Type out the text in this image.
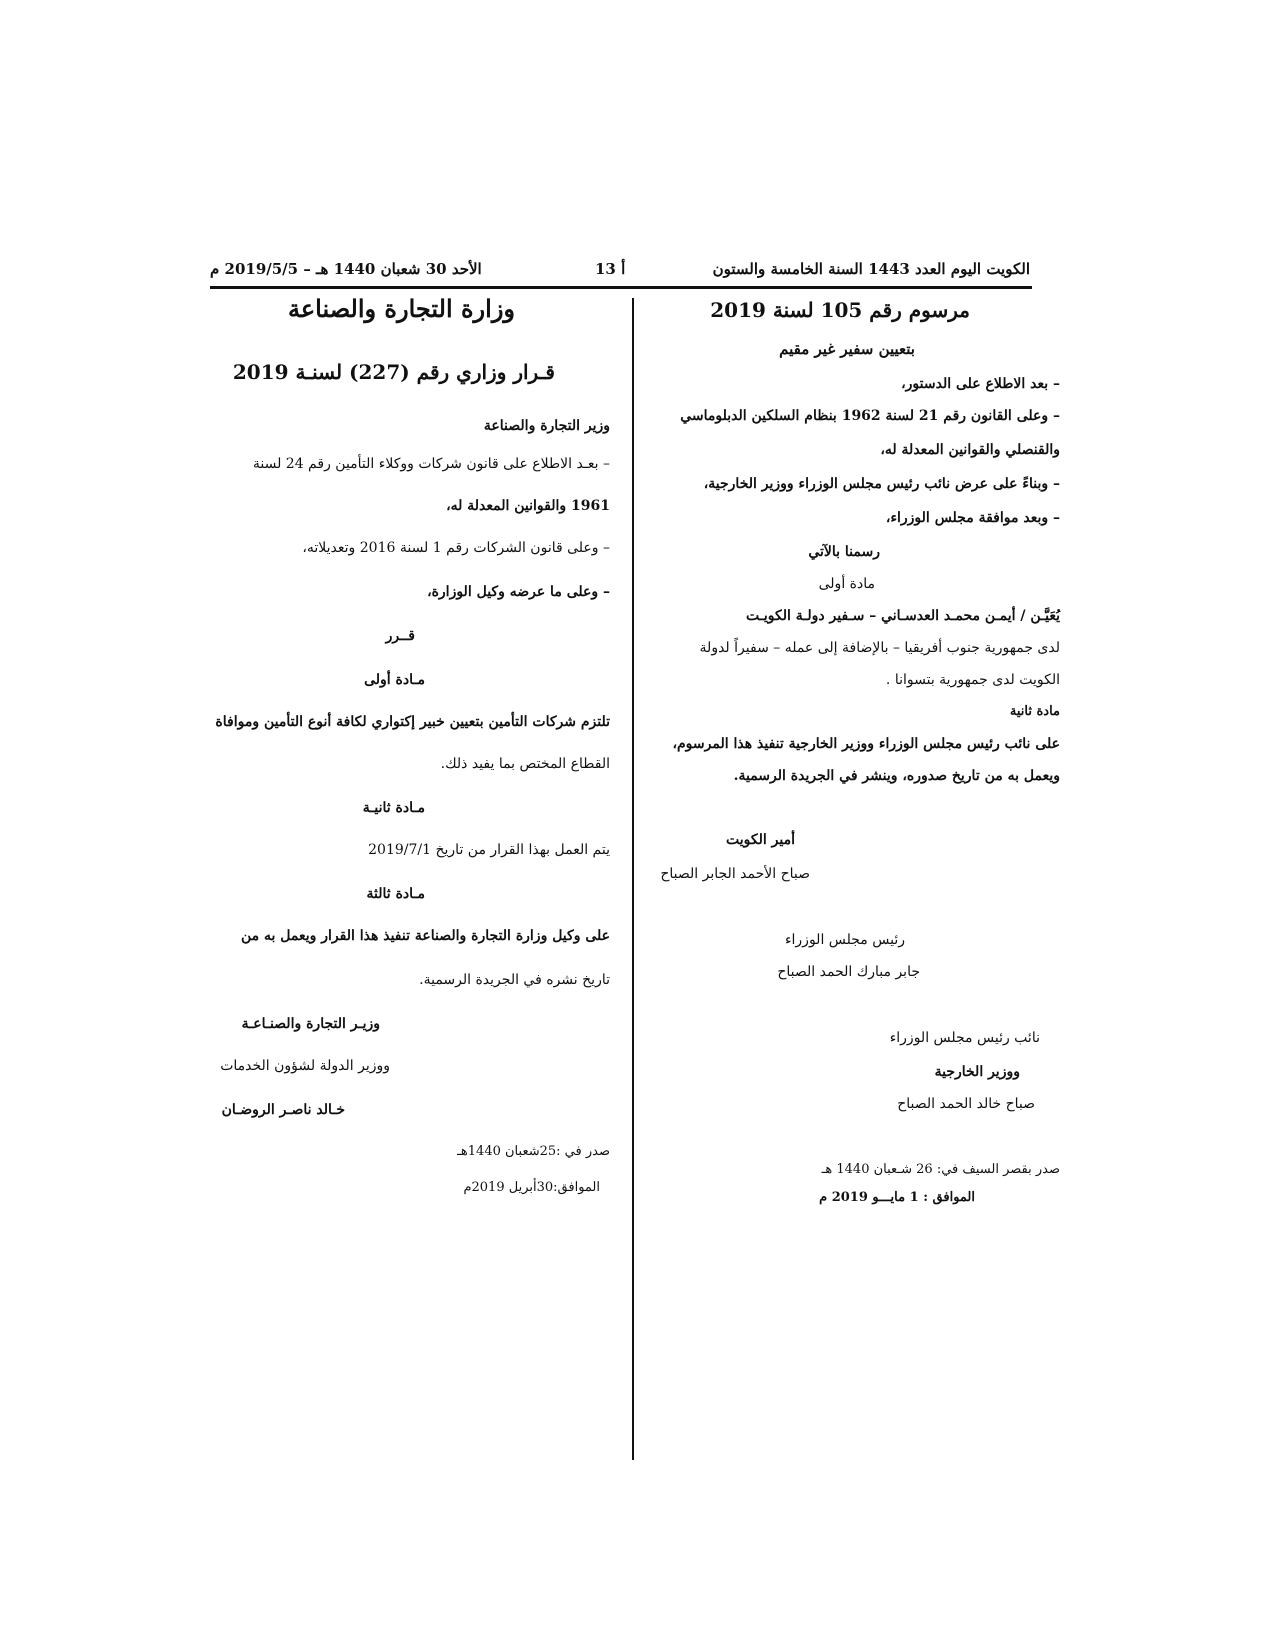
الكويت اليوم العدد 1443 السنة الخامسة والستون
أ 13
الأحد 30 شعبان 1440 هـ – 2019/5/5 م
مرسوم رقم 105 لسنة 2019
بتعيين سفير غير مقيم
– بعد الاطلاع على الدستور،
– وعلى القانون رقم 21 لسنة 1962 بنظام السلكين الدبلوماسي
والقنصلي والقوانين المعدلة له،
– وبناءً على عرض نائب رئيس مجلس الوزراء ووزير الخارجية،
– وبعد موافقة مجلس الوزراء،
رسمنا بالآتي
مادة أولى
يُعَيَّـن / أيمـن محمـد العدسـاني – سـفير دولـة الكويـت
لدى جمهورية جنوب أفريقيا – بالإضافة إلى عمله – سفيراً لدولة
الكويت لدى جمهورية بتسوانا .
مادة ثانية
على نائب رئيس مجلس الوزراء ووزير الخارجية تنفيذ هذا المرسوم،
ويعمل به من تاريخ صدوره، وينشر في الجريدة الرسمية.
أمير الكويت
صباح الأحمد الجابر الصباح
رئيس مجلس الوزراء
جابر مبارك الحمد الصباح
نائب رئيس مجلس الوزراء
ووزير الخارجية
صباح خالد الحمد الصباح
صدر بقصر السيف في: 26 شـعبان 1440 هـ
الموافق : 1 مايـــو 2019 م
وزارة التجارة والصناعة
قـرار وزاري رقم (227) لسنـة 2019
وزير التجارة والصناعة
– بعـد الاطلاع على قانون شركات ووكلاء التأمين رقم 24 لسنة
1961 والقوانين المعدلة له،
– وعلى قانون الشركات رقم 1 لسنة 2016 وتعديلاته،
– وعلى ما عرضه وكيل الوزارة،
قــرر
مـادة أولى
تلتزم شركات التأمين بتعيين خبير إكتواري لكافة أنوع التأمين وموافاة
القطاع المختص بما يفيد ذلك.
مـادة ثانيـة
يتم العمل بهذا القرار من تاريخ 2019/7/1
مـادة ثالثة
على وكيل وزارة التجارة والصناعة تنفيذ هذا القرار ويعمل به من
تاريخ نشره في الجريدة الرسمية.
وزيـر التجارة والصنـاعـة
ووزير الدولة لشؤون الخدمات
خـالد ناصـر الروضـان
صدر في :25شعبان 1440هـ
الموافق:30أبريل 2019م
